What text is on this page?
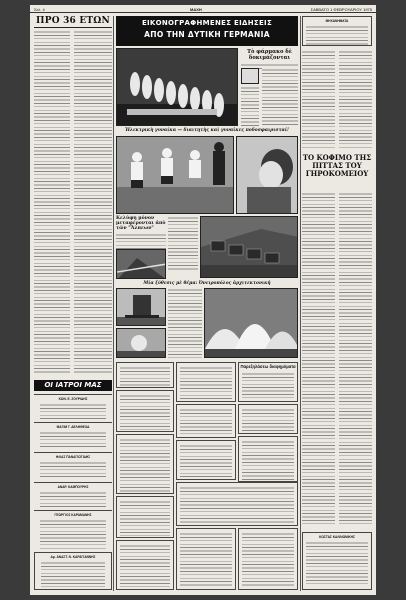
Σελ. 4	ΜΑΧΗ	ΣΑΒΒΑΤΟ 1 ΦΕΒΡΟΥΑΡΙΟΥ 1975
ΠΡΟ 36 ΕΤΩΝ
ΟΙ ΙΑΤΡΟΙ ΜΑΣ
ΚΩΝ. Ε. ΖΟΥΡΙΔΗΣ
ΜΑΞΙΜ Γ. ΔΕΛΗΘΕΟΔ
ΗΛΙΑΣ ΠΑΝΑΓΙΩΤΙΔΗΣ
ΑΝΔΡ. ΚΑΜΠΟΥΡΗΣ
ΓΕΩΡΓΙΟΣ ΚΑΡΑΜΑΝΗΣ
Δρ. ΑΝΑΣΤ. Ν. ΚΑΡΑΓΙΑΝΝΗΣ
ΕΙΚΟΝΟΓΡΑΦΗΜΕΝΕΣ ΕΙΔΗΣΕΙΣ
ΑΠΟ ΤΗΝ ΔΥΤΙΚΗ ΓΕΡΜΑΝΙΑ
Τὸ φάρμακο δὲ δοκιμάζονται
Ἠλεκτρικὴ γυναίκα — διαιτητὴς καὶ γυναῖκες ποδοσφαιρισταί!
Κελύφη μόνον μεταφέρονται ἀπὸ τῶν "Ἄλπεων"
Μία ξύθεσις μὲ θέμα: Ὀνειροπόλος ἀρχιτεκτονική
Παρεξηλάσεω διαφηµόµατα
ΜΗΧΑΝΗΜΑΤΑ
ΤΟ ΚΟΦΙΜΟ ΤΗΣ ΠΙΤΤΑΣ ΤΟΥ ΓΗΡΟΚΟΜΕΙΟΥ
ΚΩΣΤΑΣ ΚΑΛΙΝΩΝΙΚΗΣ
